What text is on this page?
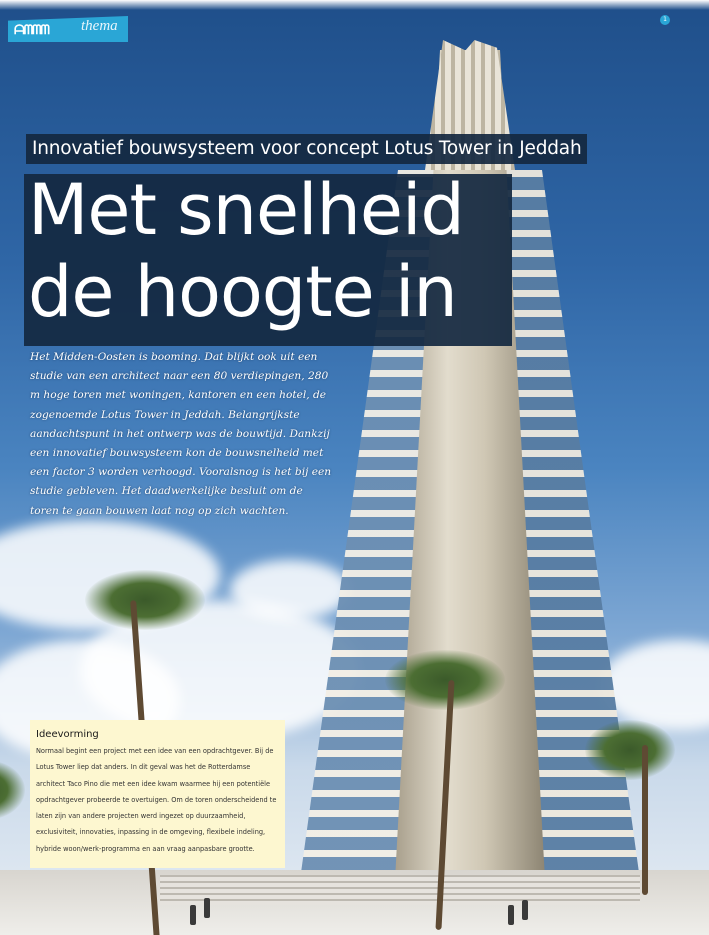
ᗩᗰᗰᗰ thema	1
Innovatief bouwsysteem voor concept Lotus Tower in Jeddah
Met snelheid
de hoogte in

Het Midden-Oosten is booming. Dat blijkt ook uit een studie van een architect naar een 80 verdiepingen, 280 m hoge toren met woningen, kantoren en een hotel, de zogenoemde Lotus Tower in Jeddah. Belangrijkste aandachtspunt in het ontwerp was de bouwtijd. Dankzij een innovatief bouwsysteem kon de bouwsnelheid met een factor 3 worden verhoogd. Vooralsnog is het bij een studie gebleven. Het daadwerkelijke besluit om de toren te gaan bouwen laat nog op zich wachten.

Ideevorming
Normaal begint een project met een idee van een opdrachtgever. Bij de Lotus Tower liep dat anders. In dit geval was het de Rotterdamse architect Taco Pino die met een idee kwam waarmee hij een potentiële opdrachtgever probeerde te overtuigen. Om de toren onderscheidend te laten zijn van andere projecten werd ingezet op duurzaamheid, exclusiviteit, innovaties, inpassing in de omgeving, flexibele indeling, hybride woon/werk-programma en aan vraag aanpasbare grootte.
